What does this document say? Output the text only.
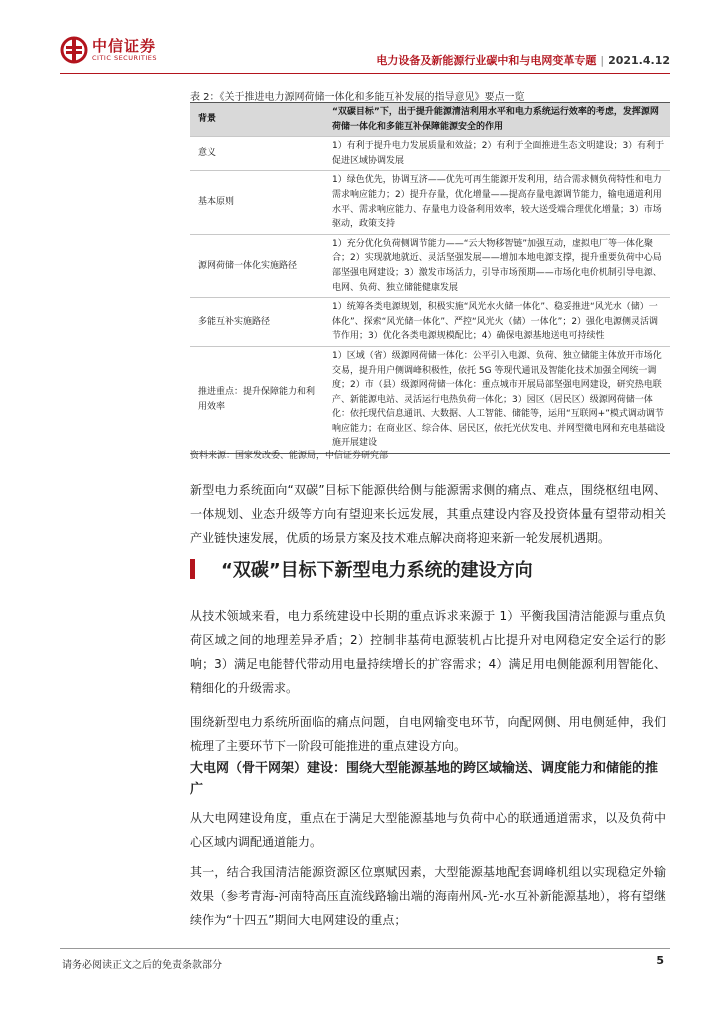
中信证券
CITIC SECURITIES	电力设备及新能源行业碳中和与电网变革专题 | 2021.4.12
表 2：《关于推进电力源网荷储一体化和多能互补发展的指导意见》要点一览
背景	“双碳目标”下，出于提升能源清洁利用水平和电力系统运行效率的考虑，发挥源网荷储一体化和多能互补保障能源安全的作用
意义	1）有利于提升电力发展质量和效益；2）有利于全面推进生态文明建设；3）有利于促进区域协调发展
基本原则	1）绿色优先，协调互济——优先可再生能源开发利用，结合需求侧负荷特性和电力需求响应能力；2）提升存量，优化增量——提高存量电源调节能力，输电通道利用水平、需求响应能力、存量电力设备利用效率，较大送受端合理优化增量；3）市场驱动，政策支持
源网荷储一体化实施路径	1）充分优化负荷侧调节能力——“云大物移智链”加强互动，虚拟电厂等一体化聚合；2）实现就地就近、灵活坚强发展——增加本地电源支撑，提升重要负荷中心局部坚强电网建设；3）激发市场活力，引导市场预期——市场化电价机制引导电源、电网、负荷、独立储能健康发展
多能互补实施路径	1）统筹各类电源规划，积极实施“风光水火储一体化”、稳妥推进“风光水（储）一体化”、探索“风光储一体化”、严控“风光火（储）一体化”；2）强化电源侧灵活调节作用；3）优化各类电源规模配比；4）确保电源基地送电可持续性
推进重点：提升保障能力和利用效率	1）区域（省）级源网荷储一体化：公平引入电源、负荷、独立储能主体放开市场化交易，提升用户侧调峰积极性，依托 5G 等现代通讯及智能化技术加强全网统一调度；2）市（县）级源网荷储一体化：重点城市开展局部坚强电网建设，研究热电联产、新能源电站、灵活运行电热负荷一体化；3）园区（居民区）级源网荷储一体化：依托现代信息通讯、大数据、人工智能、储能等，运用“互联网+”模式调动调节响应能力；在商业区、综合体、居民区，依托光伏发电、并网型微电网和充电基础设施开展建设
资料来源：国家发改委、能源局，中信证券研究部
新型电力系统面向“双碳”目标下能源供给侧与能源需求侧的痛点、难点，围绕枢纽电网、一体规划、业态升级等方向有望迎来长远发展，其重点建设内容及投资体量有望带动相关产业链快速发展，优质的场景方案及技术难点解决商将迎来新一轮发展机遇期。
“双碳”目标下新型电力系统的建设方向
从技术领域来看，电力系统建设中长期的重点诉求来源于 1）平衡我国清洁能源与重点负荷区域之间的地理差异矛盾；2）控制非基荷电源装机占比提升对电网稳定安全运行的影响；3）满足电能替代带动用电量持续增长的扩容需求；4）满足用电侧能源利用智能化、精细化的升级需求。
围绕新型电力系统所面临的痛点问题，自电网输变电环节，向配网侧、用电侧延伸，我们梳理了主要环节下一阶段可能推进的重点建设方向。
大电网（骨干网架）建设：围绕大型能源基地的跨区域输送、调度能力和储能的推广
从大电网建设角度，重点在于满足大型能源基地与负荷中心的联通通道需求，以及负荷中心区域内调配通道能力。
其一，结合我国清洁能源资源区位禀赋因素，大型能源基地配套调峰机组以实现稳定外输效果（参考青海-河南特高压直流线路输出端的海南州风-光-水互补新能源基地），将有望继续作为“十四五”期间大电网建设的重点；
请务必阅读正文之后的免责条款部分	5
